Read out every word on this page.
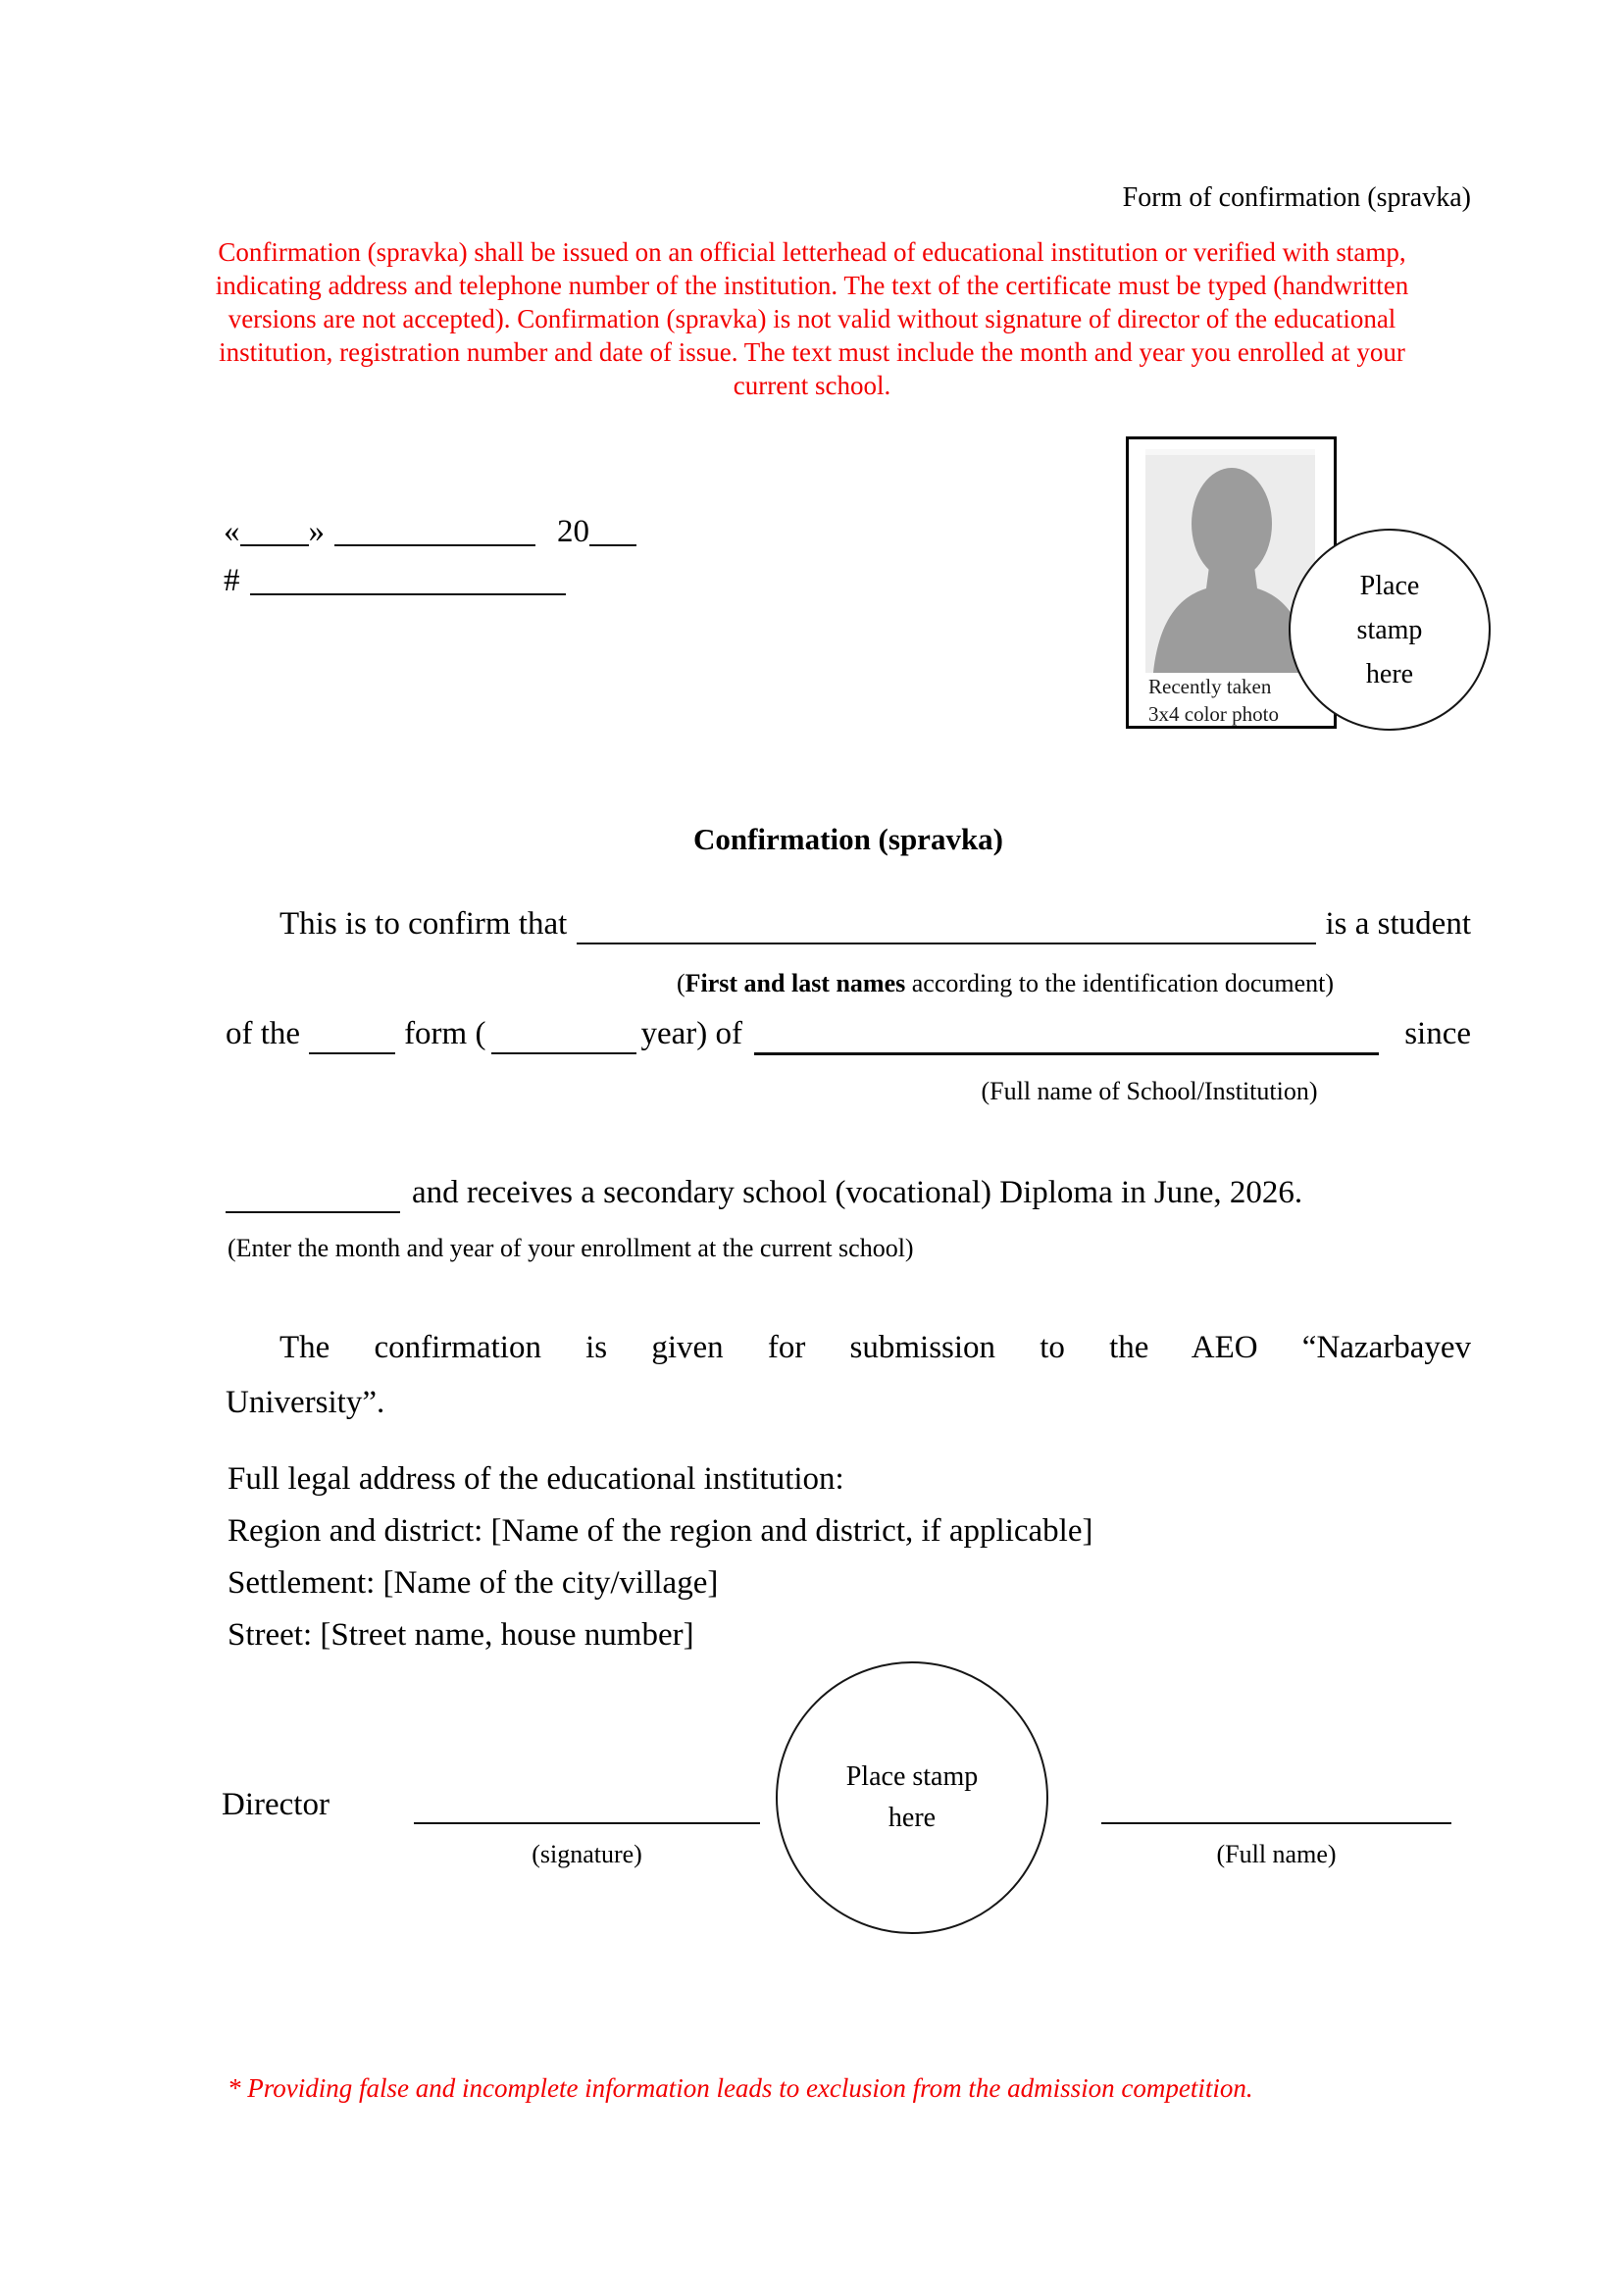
Form of confirmation (spravka)
Confirmation (spravka) shall be issued on an official letterhead of educational institution or verified with stamp,
indicating address and telephone number of the institution. The text of the certificate must be typed (handwritten
versions are not accepted). Confirmation (spravka) is not valid without signature of director of the educational
institution, registration number and date of issue. The text must include the month and year you enrolled at your
current school.
« »	20
#
Recently taken
3x4 color photo
Place
stamp
here
Confirmation (spravka)
This is to confirm that	is a student
(First and last names according to the identification document)
of the	form (	year) of	since
(Full name of School/Institution)
and receives a secondary school (vocational) Diploma in June, 2026.
(Enter the month and year of your enrollment at the current school)
The confirmation is given for submission to the AEO “Nazarbayev
University”.
Full legal address of the educational institution:
Region and district: [Name of the region and district, if applicable]
Settlement: [Name of the city/village]
Street: [Street name, house number]
Director
(signature)	(Full name)
Place stamp
here
* Providing false and incomplete information leads to exclusion from the admission competition.
